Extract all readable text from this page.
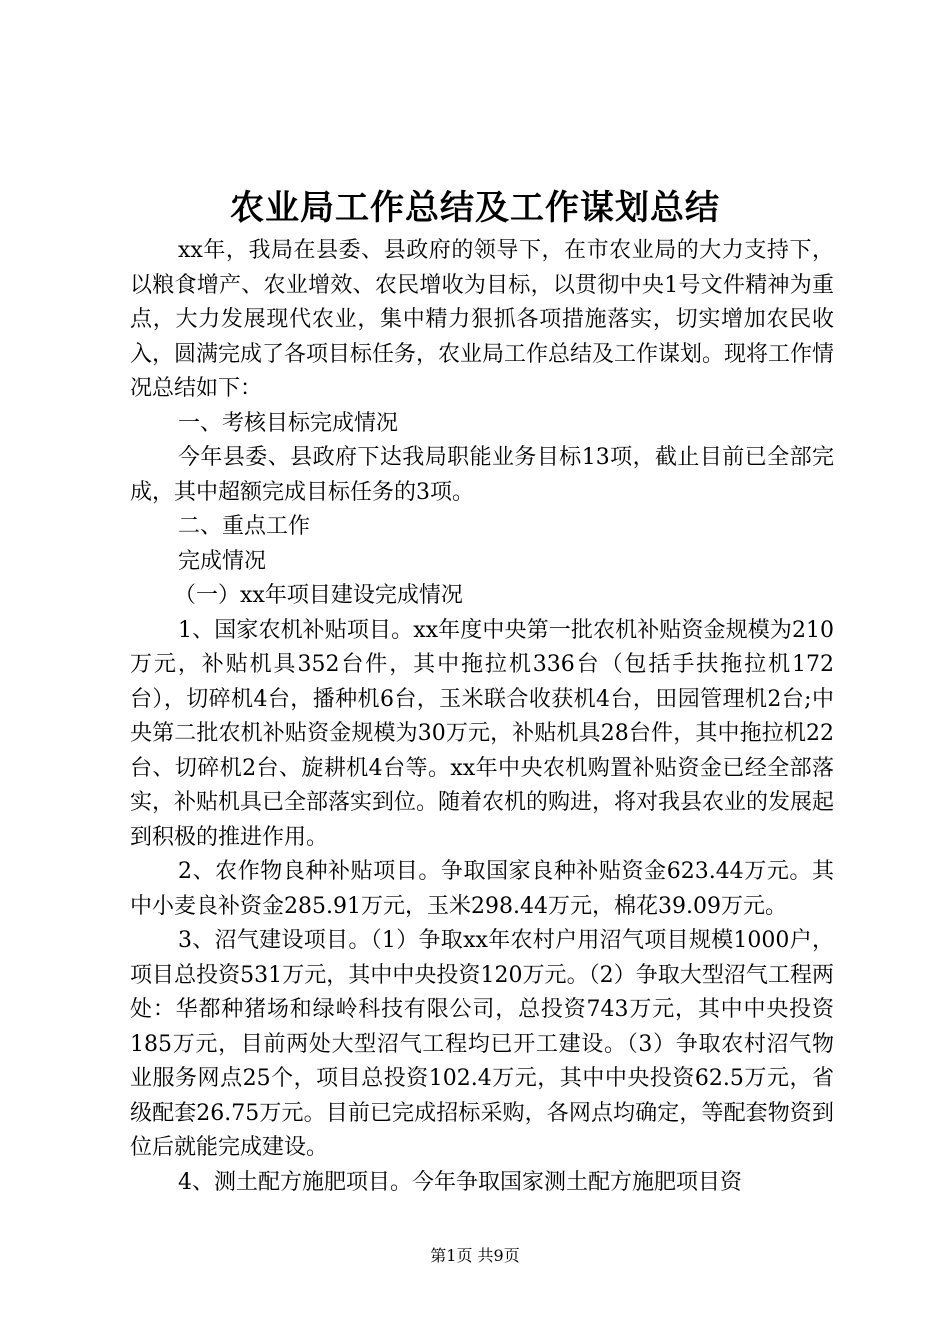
农业局工作总结及工作谋划总结

xx年，我局在县委、县政府的领导下，在市农业局的大力支持下，以粮食增产、农业增效、农民增收为目标，以贯彻中央1号文件精神为重点，大力发展现代农业，集中精力狠抓各项措施落实，切实增加农民收入，圆满完成了各项目标任务，农业局工作总结及工作谋划。现将工作情况总结如下：

一、考核目标完成情况

今年县委、县政府下达我局职能业务目标13项，截止目前已全部完成，其中超额完成目标任务的3项。

二、重点工作

完成情况

（一）xx年项目建设完成情况

1、国家农机补贴项目。xx年度中央第一批农机补贴资金规模为210万元，补贴机具352台件，其中拖拉机336台（包括手扶拖拉机172台），切碎机4台，播种机6台，玉米联合收获机4台，田园管理机2台;中央第二批农机补贴资金规模为30万元，补贴机具28台件，其中拖拉机22台、切碎机2台、旋耕机4台等。xx年中央农机购置补贴资金已经全部落实，补贴机具已全部落实到位。随着农机的购进，将对我县农业的发展起到积极的推进作用。

2、农作物良种补贴项目。争取国家良种补贴资金623.44万元。其中小麦良补资金285.91万元，玉米298.44万元，棉花39.09万元。

3、沼气建设项目。（1）争取xx年农村户用沼气项目规模1000户，项目总投资531万元，其中中央投资120万元。（2）争取大型沼气工程两处：华都种猪场和绿岭科技有限公司，总投资743万元，其中中央投资185万元，目前两处大型沼气工程均已开工建设。（3）争取农村沼气物业服务网点25个，项目总投资102.4万元，其中中央投资62.5万元，省级配套26.75万元。目前已完成招标采购，各网点均确定，等配套物资到位后就能完成建设。

4、测土配方施肥项目。今年争取国家测土配方施肥项目资

第1页 共9页
